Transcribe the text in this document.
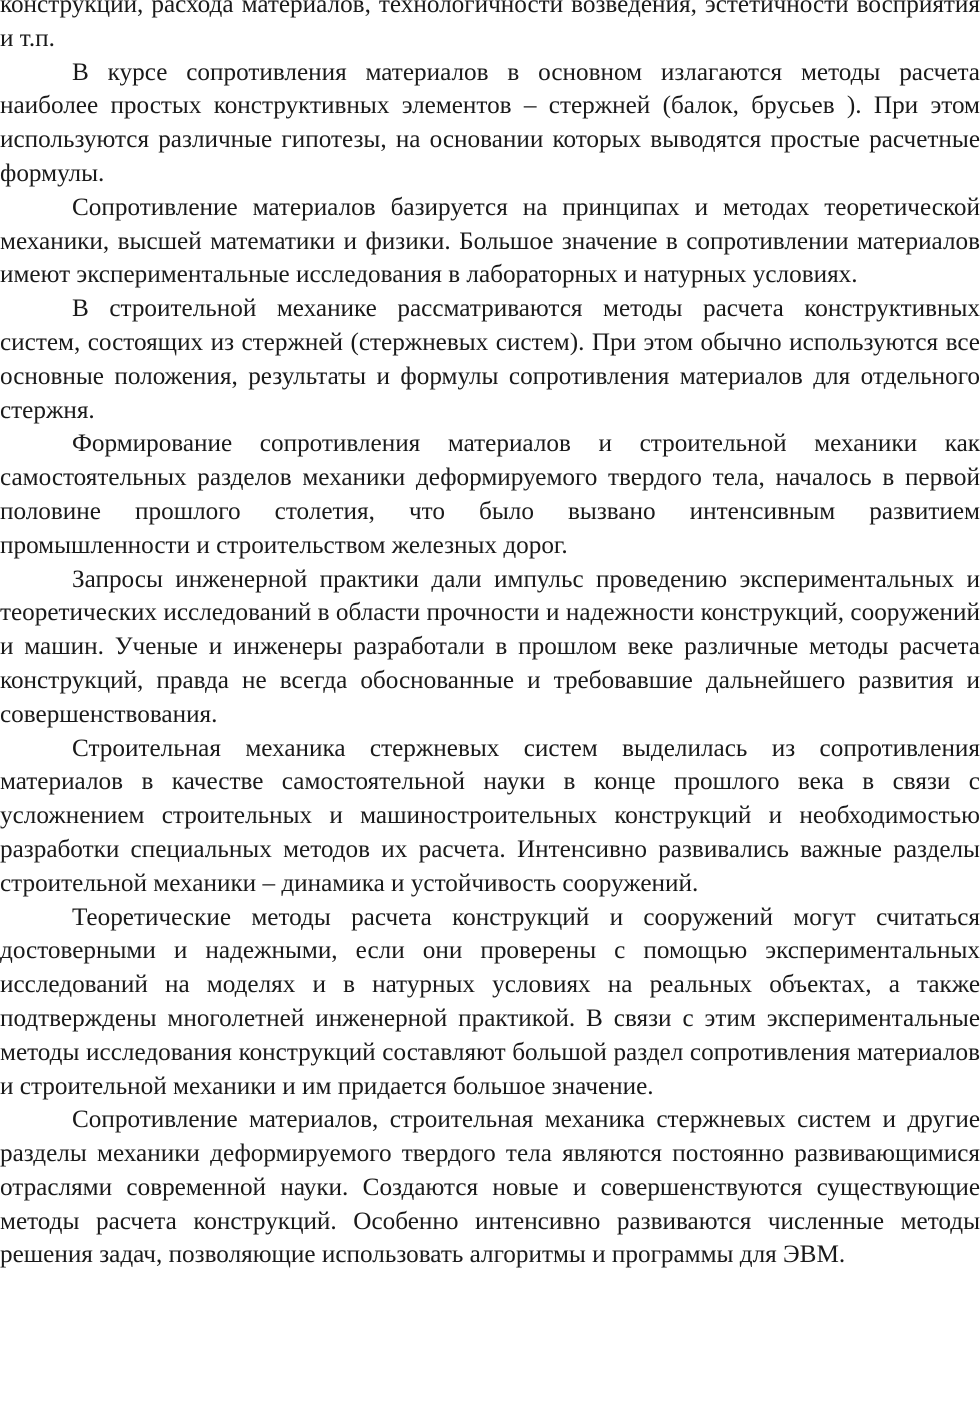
конструкции, расхода материалов, технологичности возведения, эстетичности восприятия и т.п.

В курсе сопротивления материалов в основном излагаются методы расчета наиболее простых конструктивных элементов – стержней (балок, брусьев ). При этом используются различные гипотезы, на основании которых выводятся простые расчетные формулы.

Сопротивление материалов базируется на принципах и методах теоретической механики, высшей математики и физики. Большое значение в сопротивлении материалов имеют экспериментальные исследования в лабораторных и натурных условиях.

В строительной механике рассматриваются методы расчета конструктивных систем, состоящих из стержней (стержневых систем). При этом обычно используются все основные положения, результаты и формулы сопротивления материалов для отдельного стержня.

Формирование сопротивления материалов и строительной механики как самостоятельных разделов механики деформируемого твердого тела, началось в первой половине прошлого столетия, что было вызвано интенсивным развитием промышленности и строительством железных дорог.

Запросы инженерной практики дали импульс проведению экспериментальных и теоретических исследований в области прочности и надежности конструкций, сооружений и машин. Ученые и инженеры разработали в прошлом веке различные методы расчета конструкций, правда не всегда обоснованные и требовавшие дальнейшего развития и совершенствования.

Строительная механика стержневых систем выделилась из сопротивления материалов в качестве самостоятельной науки в конце прошлого века в связи с усложнением строительных и машиностроительных конструкций и необходимостью разработки специальных методов их расчета. Интенсивно развивались важные разделы строительной механики – динамика и устойчивость сооружений.

Теоретические методы расчета конструкций и сооружений могут считаться достоверными и надежными, если они проверены с помощью экспериментальных исследований на моделях и в натурных условиях на реальных объектах, а также подтверждены многолетней инженерной практикой. В связи с этим экспериментальные методы исследования конструкций составляют большой раздел сопротивления материалов и строительной механики и им придается большое значение.

Сопротивление материалов, строительная механика стержневых систем и другие разделы механики деформируемого твердого тела являются постоянно развивающимися отраслями современной науки. Создаются новые и совершенствуются существующие методы расчета конструкций. Особенно интенсивно развиваются численные методы решения задач, позволяющие использовать алгоритмы и программы для ЭВМ.
